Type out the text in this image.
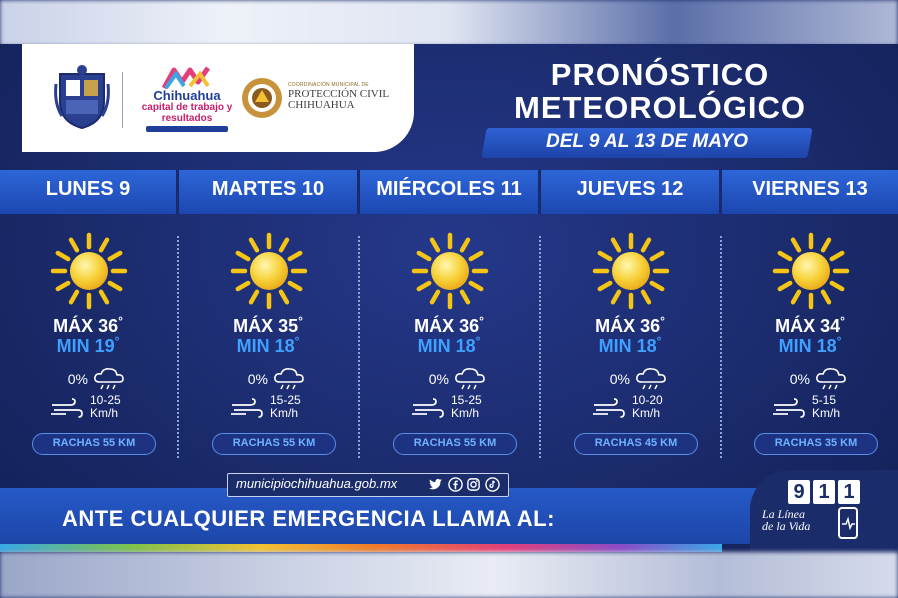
Chihuahua
capital de trabajo y resultados
COORDINACIÓN MUNICIPAL DE
PROTECCIÓN CIVIL CHIHUAHUA
PRONÓSTICO
METEOROLÓGICO
DEL 9 AL 13 DE MAYO
LUNES 9	MARTES 10	MIÉRCOLES 11	JUEVES 12	VIERNES 13
MÁX 36°
MIN 19°
0%
10-25
Km/h
RACHAS 55 KM
MÁX 35°
MIN 18°
0%
15-25
Km/h
RACHAS 55 KM
MÁX 36°
MIN 18°
0%
15-25
Km/h
RACHAS 55 KM
MÁX 36°
MIN 18°
0%
10-20
Km/h
RACHAS 45 KM
MÁX 34°
MIN 18°
0%
5-15
Km/h
RACHAS 35 KM
municipiochihuahua.gob.mx
ANTE CUALQUIER EMERGENCIA LLAMA AL:
9 1 1
La Línea
de la Vida
